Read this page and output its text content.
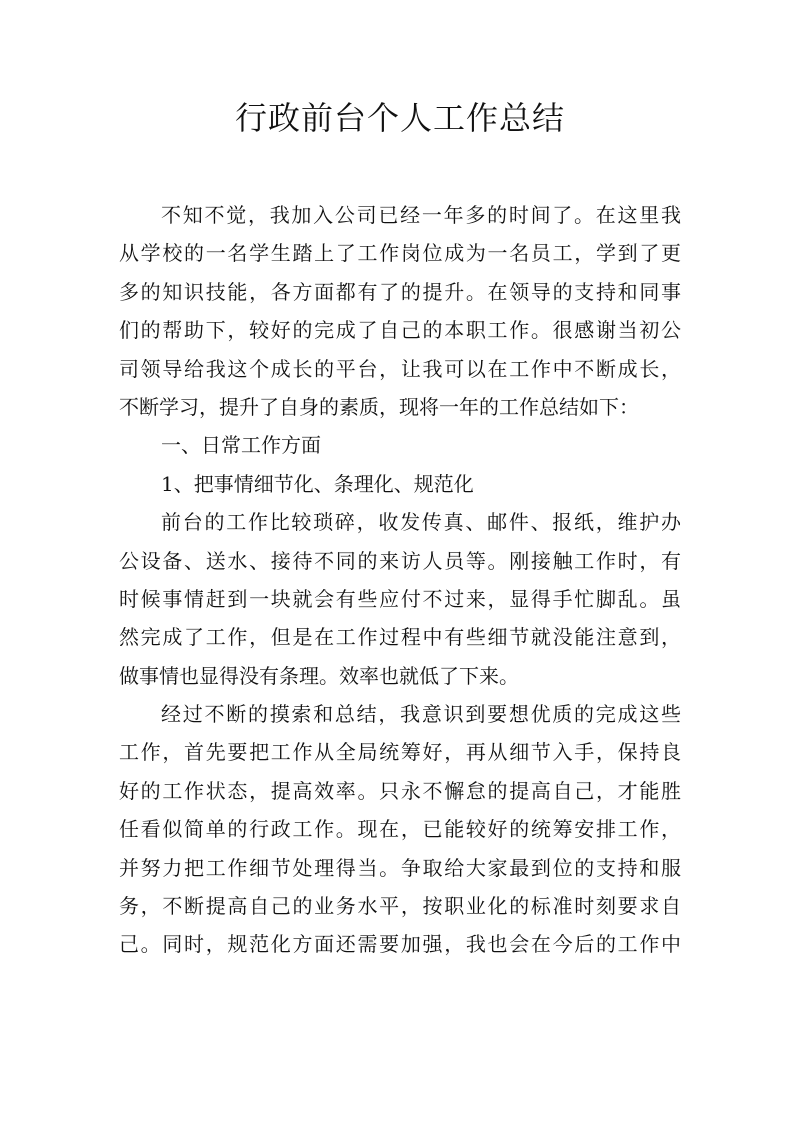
行政前台个人工作总结
不知不觉，我加入公司已经一年多的时间了。在这里我
从学校的一名学生踏上了工作岗位成为一名员工，学到了更
多的知识技能，各方面都有了的提升。在领导的支持和同事
们的帮助下，较好的完成了自己的本职工作。很感谢当初公
司领导给我这个成长的平台，让我可以在工作中不断成长，
不断学习，提升了自身的素质，现将一年的工作总结如下：
一、日常工作方面
1、把事情细节化、条理化、规范化
前台的工作比较琐碎，收发传真、邮件、报纸，维护办
公设备、送水、接待不同的来访人员等。刚接触工作时，有
时候事情赶到一块就会有些应付不过来，显得手忙脚乱。虽
然完成了工作，但是在工作过程中有些细节就没能注意到，
做事情也显得没有条理。效率也就低了下来。
经过不断的摸索和总结，我意识到要想优质的完成这些
工作，首先要把工作从全局统筹好，再从细节入手，保持良
好的工作状态，提高效率。只永不懈怠的提高自己，才能胜
任看似简单的行政工作。现在，已能较好的统筹安排工作，
并努力把工作细节处理得当。争取给大家最到位的支持和服
务，不断提高自己的业务水平，按职业化的标准时刻要求自
己。同时，规范化方面还需要加强，我也会在今后的工作中
